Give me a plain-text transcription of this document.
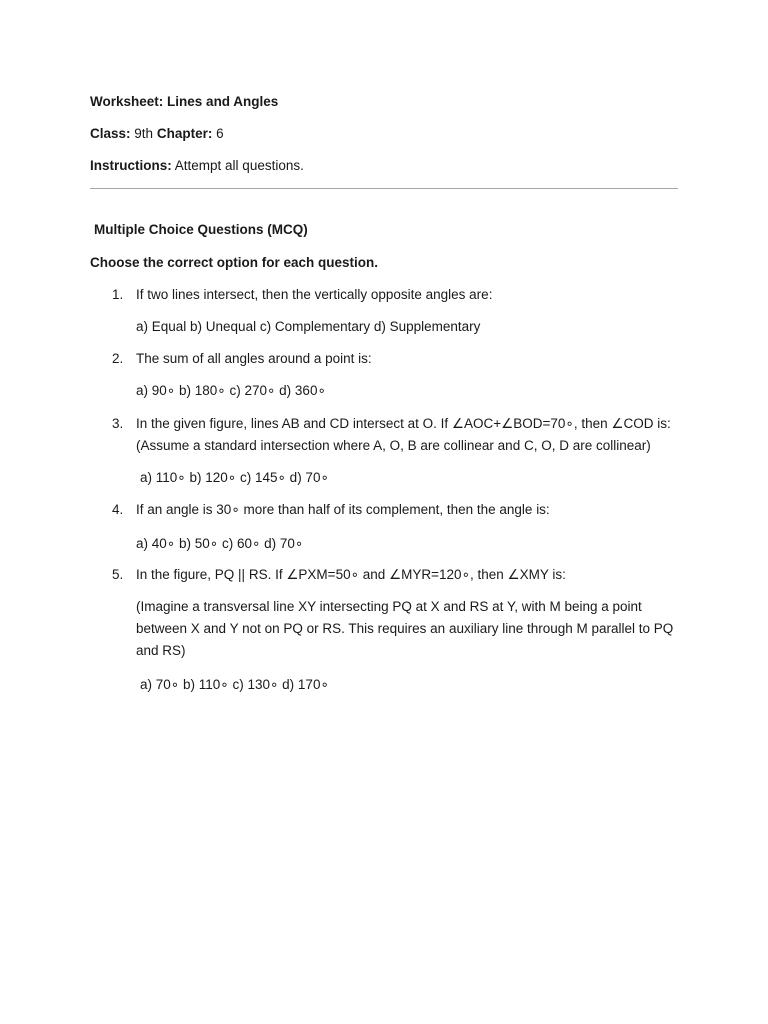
Worksheet: Lines and Angles
Class: 9th Chapter: 6
Instructions: Attempt all questions.
Multiple Choice Questions (MCQ)
Choose the correct option for each question.
1. If two lines intersect, then the vertically opposite angles are:
a) Equal b) Unequal c) Complementary d) Supplementary
2. The sum of all angles around a point is:
a) 90∘ b) 180∘ c) 270∘ d) 360∘
3. In the given figure, lines AB and CD intersect at O. If ∠AOC+∠BOD=70∘, then ∠COD is:
(Assume a standard intersection where A, O, B are collinear and C, O, D are collinear)
a) 110∘ b) 120∘ c) 145∘ d) 70∘
4. If an angle is 30∘ more than half of its complement, then the angle is:
a) 40∘ b) 50∘ c) 60∘ d) 70∘
5. In the figure, PQ || RS. If ∠PXM=50∘ and ∠MYR=120∘, then ∠XMY is:
(Imagine a transversal line XY intersecting PQ at X and RS at Y, with M being a point between X and Y not on PQ or RS. This requires an auxiliary line through M parallel to PQ and RS)
a) 70∘ b) 110∘ c) 130∘ d) 170∘
